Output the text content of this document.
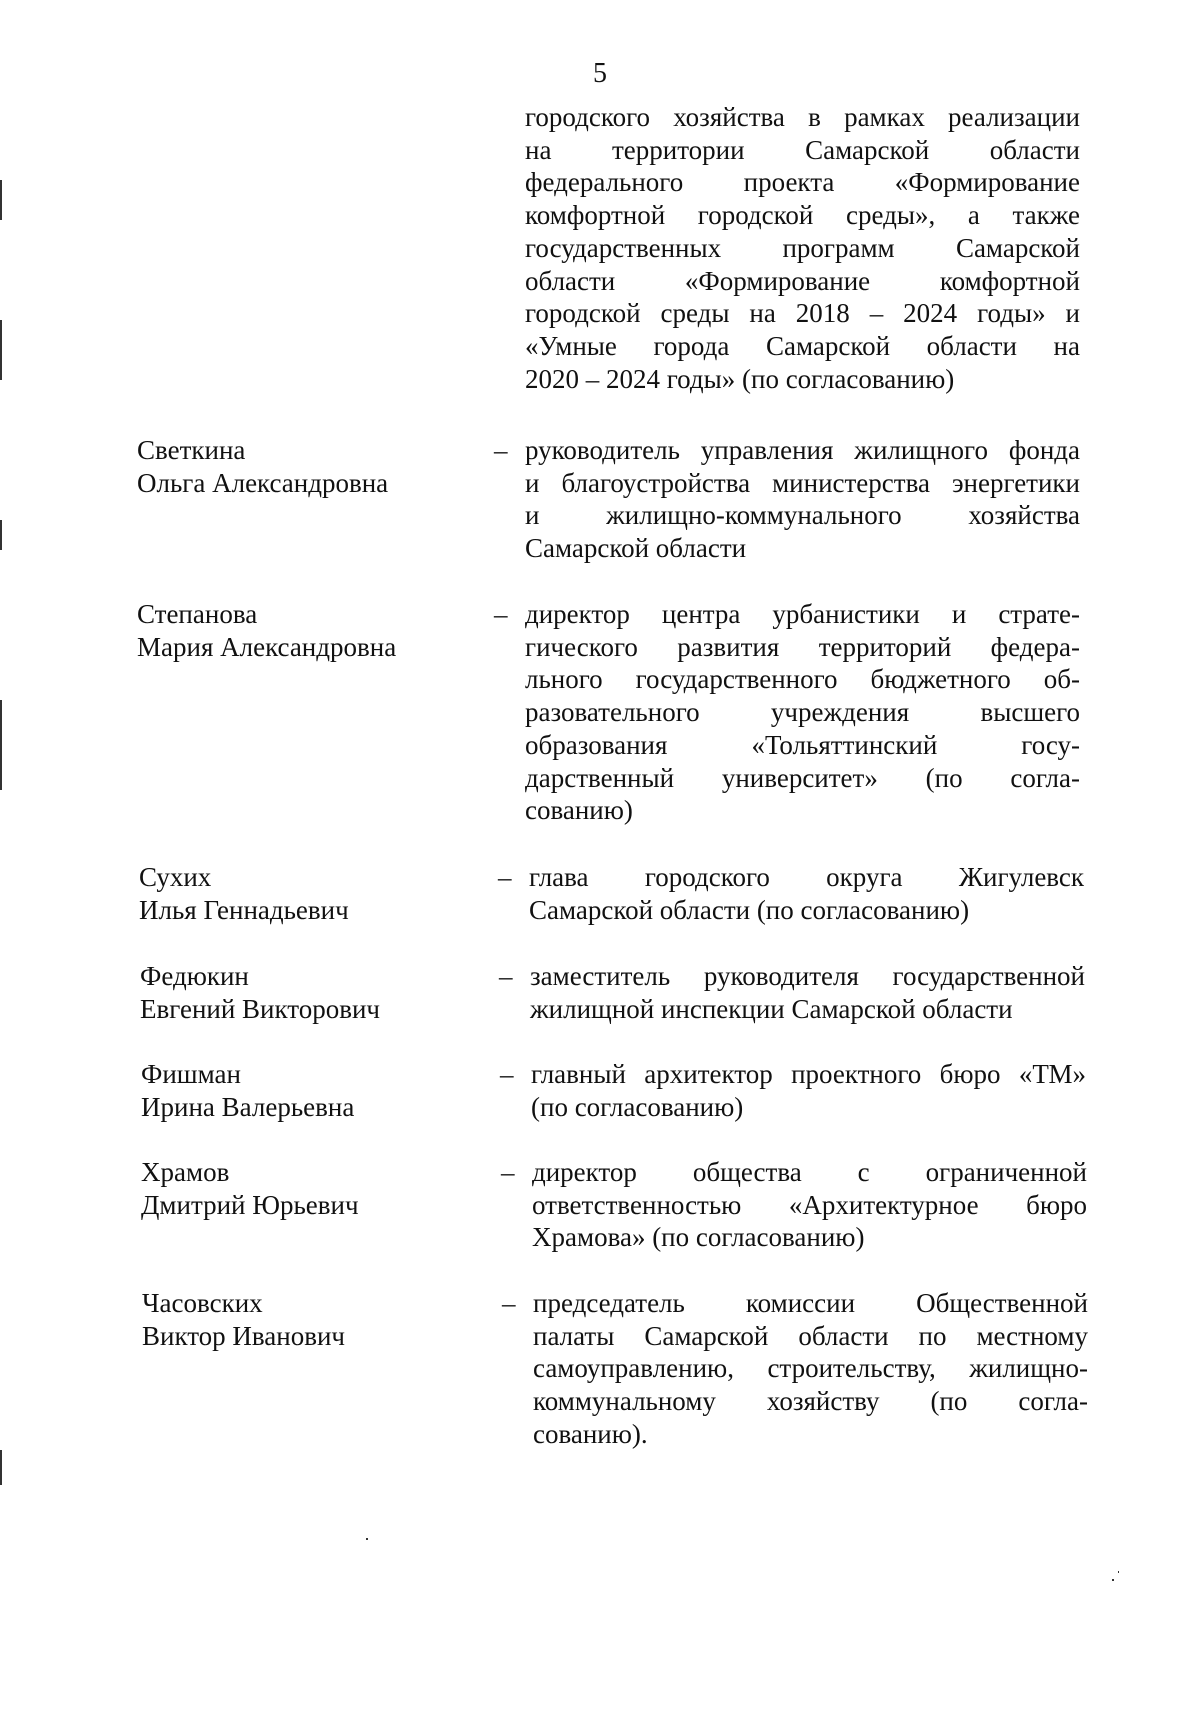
5
городского хозяйства в рамках реализации
на территории Самарской области
федерального проекта «Формирование
комфортной городской среды», а также
государственных программ Самарской
области «Формирование комфортной
городской среды на 2018 – 2024 годы» и
«Умные города Самарской области на
2020 – 2024 годы» (по согласованию)
Светкина
Ольга Александровна
– руководитель управления жилищного фонда
и благоустройства министерства энергетики
и жилищно-коммунального хозяйства
Самарской области
Степанова
Мария Александровна
– директор центра урбанистики и страте-
гического развития территорий федера-
льного государственного бюджетного об-
разовательного учреждения высшего
образования «Тольяттинский госу-
дарственный университет» (по согла-
сованию)
Сухих
Илья Геннадьевич
– глава городского округа Жигулевск
Самарской области (по согласованию)
Федюкин
Евгений Викторович
– заместитель руководителя государственной
жилищной инспекции Самарской области
Фишман
Ирина Валерьевна
– главный архитектор проектного бюро «ТМ»
(по согласованию)
Храмов
Дмитрий Юрьевич
– директор общества с ограниченной
ответственностью «Архитектурное бюро
Храмова» (по согласованию)
Часовских
Виктор Иванович
– председатель комиссии Общественной
палаты Самарской области по местному
самоуправлению, строительству, жилищно-
коммунальному хозяйству (по согла-
сованию).
